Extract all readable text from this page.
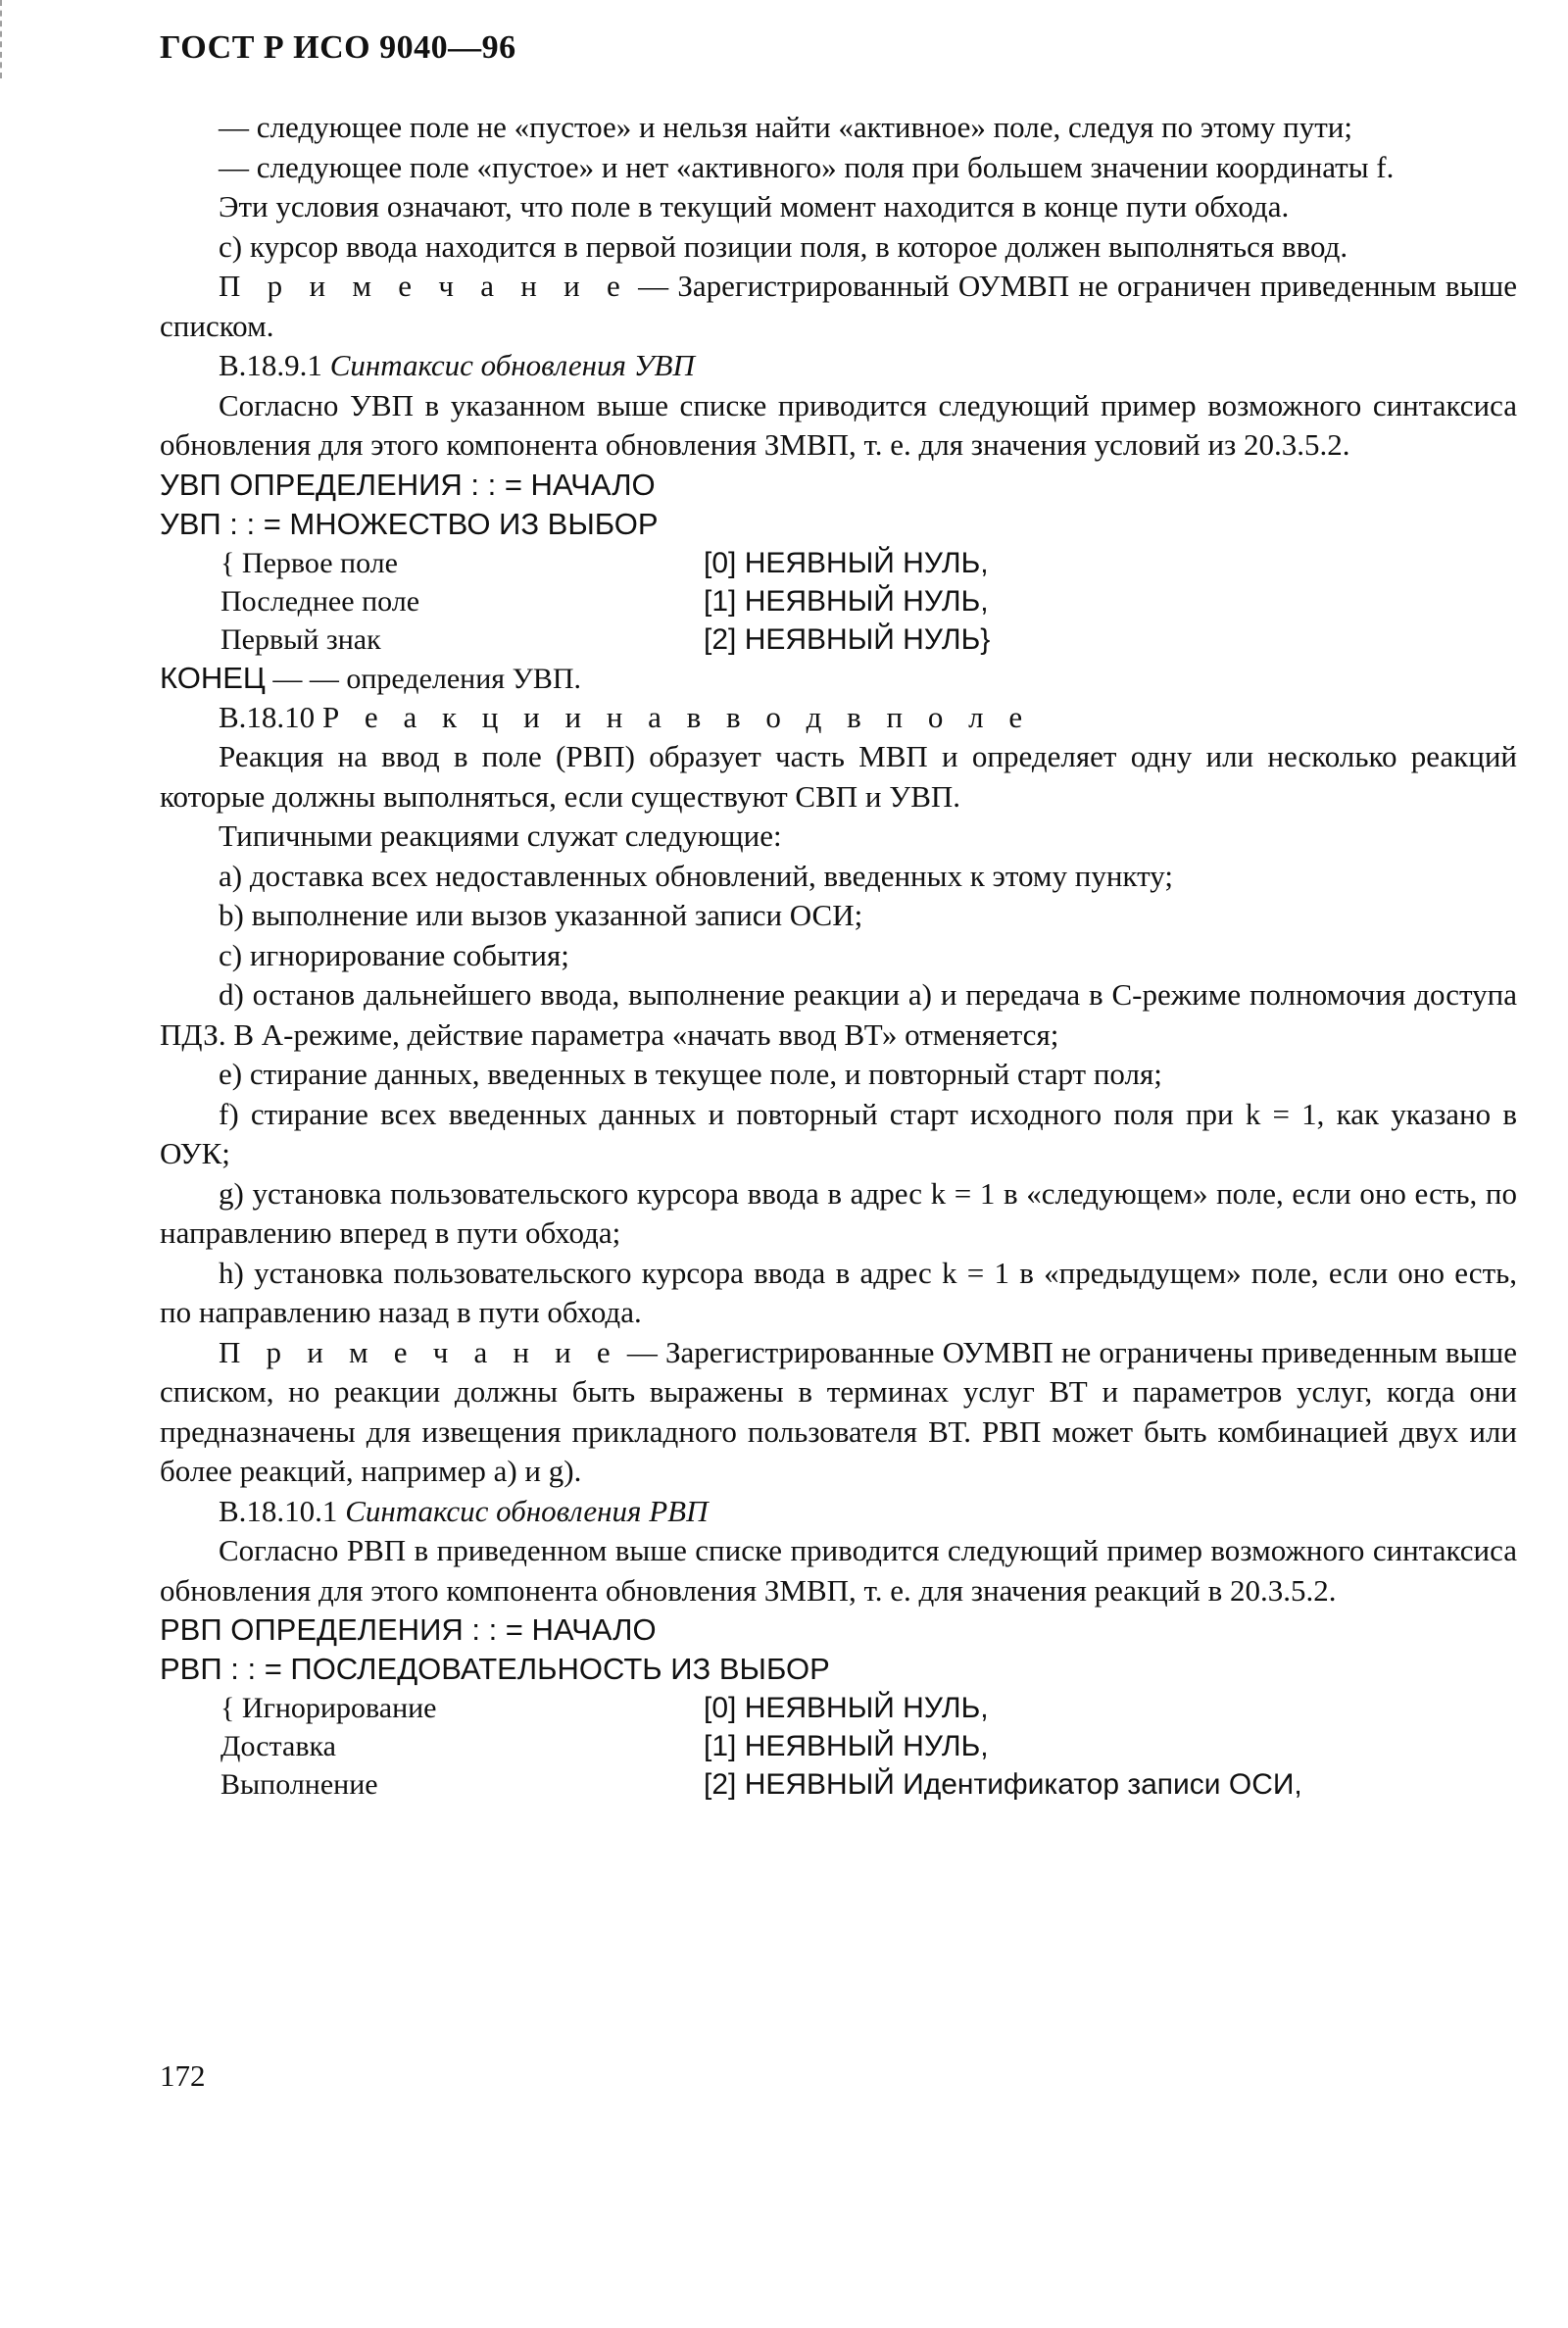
ГОСТ Р ИСО 9040—96

— следующее поле не «пустое» и нельзя найти «активное» поле, следуя по этому пути;

— следующее поле «пустое» и нет «активного» поля при большем значении координаты f.

Эти условия означают, что поле в текущий момент находится в конце пути обхода.

c) курсор ввода находится в первой позиции поля, в которое должен выполняться ввод.

П р и м е ч а н и е — Зарегистрированный ОУМВП не ограничен приведенным выше списком.

В.18.9.1 Синтаксис обновления УВП

Согласно УВП в указанном выше списке приводится следующий пример возможного синтаксиса обновления для этого компонента обновления ЗМВП, т. е. для значения условий из 20.3.5.2.

УВП ОПРЕДЕЛЕНИЯ : : = НАЧАЛО

УВП : : = МНОЖЕСТВО ИЗ ВЫБОР

{ Первое поле	[0] НЕЯВНЫЙ НУЛЬ,
Последнее поле	[1] НЕЯВНЫЙ НУЛЬ,
Первый знак	[2] НЕЯВНЫЙ НУЛЬ}

КОНЕЦ — — определения УВП.

В.18.10 Р е а к ц и и н а в в о д в п о л е

Реакция на ввод в поле (РВП) образует часть МВП и определяет одну или несколько реакций которые должны выполняться, если существуют СВП и УВП.

Типичными реакциями служат следующие:

a) доставка всех недоставленных обновлений, введенных к этому пункту;

b) выполнение или вызов указанной записи ОСИ;

c) игнорирование события;

d) останов дальнейшего ввода, выполнение реакции а) и передача в С-режиме полномочия доступа ПДЗ. В А-режиме, действие параметра «начать ввод ВТ» отменяется;

e) стирание данных, введенных в текущее поле, и повторный старт поля;

f) стирание всех введенных данных и повторный старт исходного поля при k = 1, как указано в ОУК;

g) установка пользовательского курсора ввода в адрес k = 1 в «следующем» поле, если оно есть, по направлению вперед в пути обхода;

h) установка пользовательского курсора ввода в адрес k = 1 в «предыдущем» поле, если оно есть, по направлению назад в пути обхода.

П р и м е ч а н и е — Зарегистрированные ОУМВП не ограничены приведенным выше списком, но реакции должны быть выражены в терминах услуг ВТ и параметров услуг, когда они предназначены для извещения прикладного пользователя ВТ. РВП может быть комбинацией двух или более реакций, например а) и g).

В.18.10.1 Синтаксис обновления РВП

Согласно РВП в приведенном выше списке приводится следующий пример возможного синтаксиса обновления для этого компонента обновления ЗМВП, т. е. для значения реакций в 20.3.5.2.

РВП ОПРЕДЕЛЕНИЯ : : = НАЧАЛО

РВП : : = ПОСЛЕДОВАТЕЛЬНОСТЬ ИЗ ВЫБОР

{ Игнорирование	[0] НЕЯВНЫЙ НУЛЬ,
Доставка	[1] НЕЯВНЫЙ НУЛЬ,
Выполнение	[2] НЕЯВНЫЙ Идентификатор записи ОСИ,
172
